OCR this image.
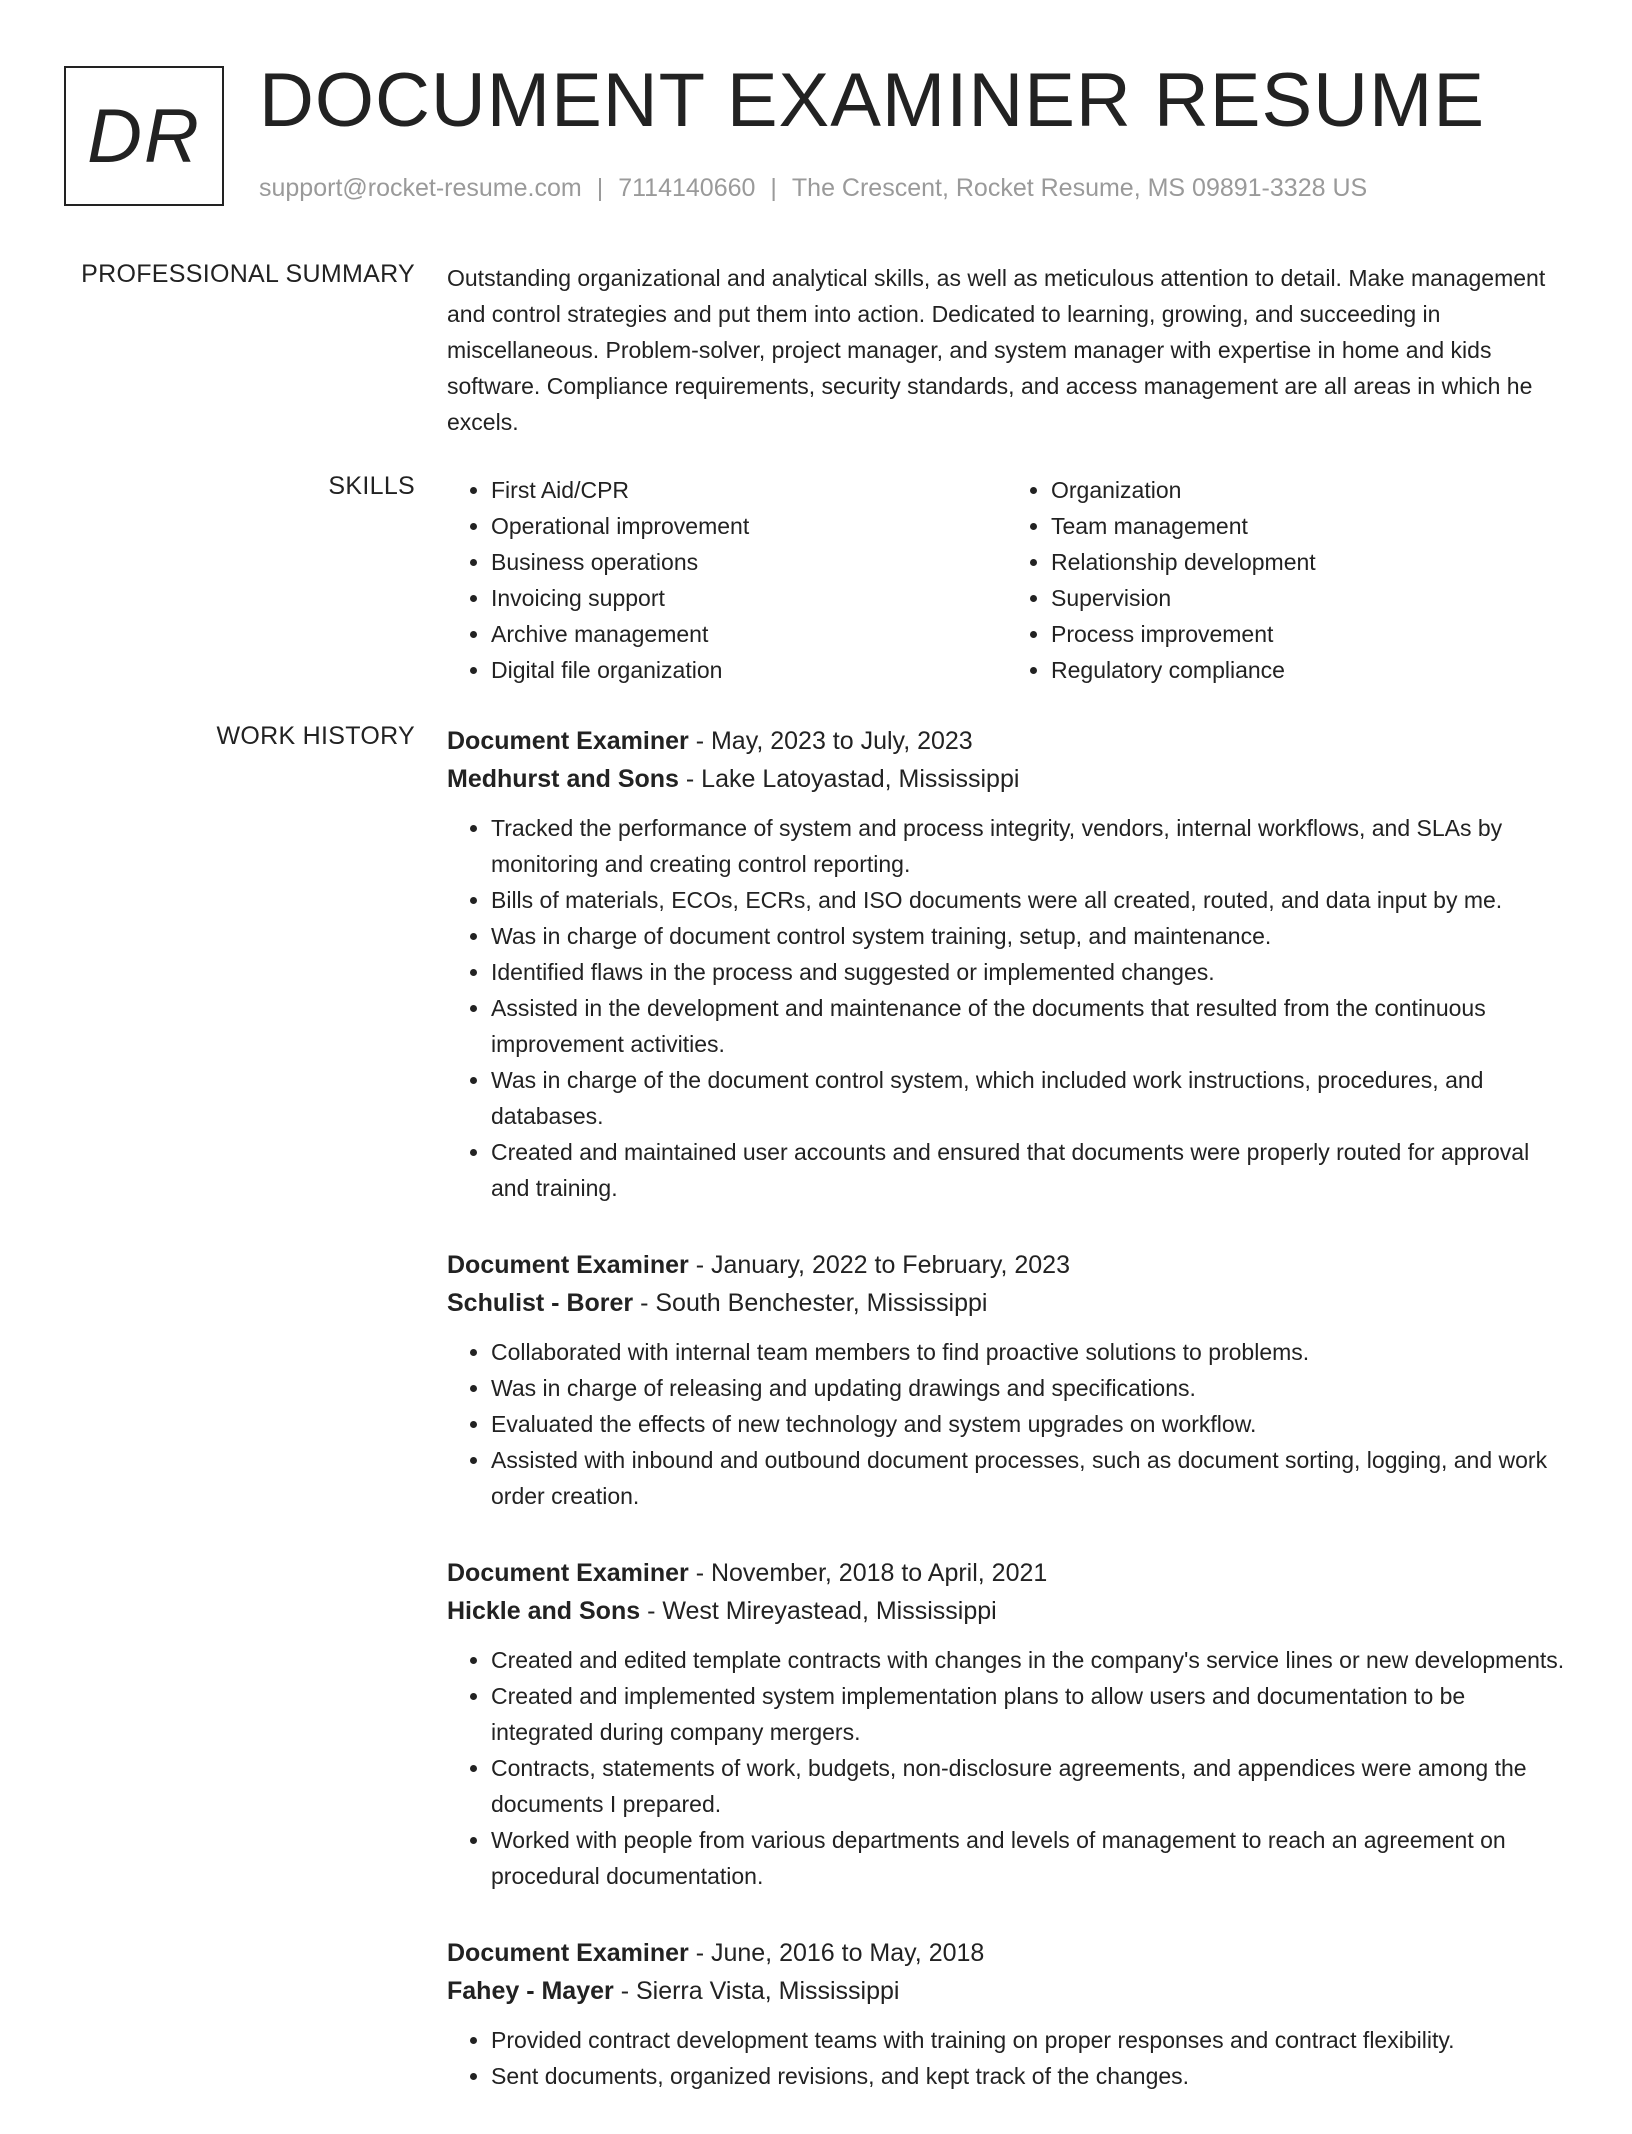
DR DOCUMENT EXAMINER RESUME
support@rocket-resume.com | 7114140660 | The Crescent, Rocket Resume, MS 09891-3328 US
PROFESSIONAL SUMMARY Outstanding organizational and analytical skills, as well as meticulous attention to detail. Make management and control strategies and put them into action. Dedicated to learning, growing, and succeeding in miscellaneous. Problem-solver, project manager, and system manager with expertise in home and kids software. Compliance requirements, security standards, and access management are all areas in which he excels.

SKILLS
•	First Aid/CPR
• Operational improvement
• Business operations
• Invoicing support
• Archive management
• Digital file organization
• Organization
• Team management
• Relationship development
• Supervision
• Process improvement
• Regulatory compliance
WORK HISTORY Document Examiner - May, 2023 to July, 2023
Medhurst and Sons - Lake Latoyastad, Mississippi
• Tracked the performance of system and process integrity, vendors, internal workflows, and SLAs by monitoring and creating control reporting.
• Bills of materials, ECOs, ECRs, and ISO documents were all created, routed, and data input by me.
• Was in charge of document control system training, setup, and maintenance.
• Identified flaws in the process and suggested or implemented changes.
• Assisted in the development and maintenance of the documents that resulted from the continuous improvement activities.
• Was in charge of the document control system, which included work instructions, procedures, and databases.
• Created and maintained user accounts and ensured that documents were properly routed for approval and training.
Document Examiner - January, 2022 to February, 2023
Schulist - Borer - South Benchester, Mississippi
• Collaborated with internal team members to find proactive solutions to problems.
• Was in charge of releasing and updating drawings and specifications.
• Evaluated the effects of new technology and system upgrades on workflow.
• Assisted with inbound and outbound document processes, such as document sorting, logging, and work order creation.
Document Examiner - November, 2018 to April, 2021
Hickle and Sons - West Mireyastead, Mississippi
• Created and edited template contracts with changes in the company's service lines or new developments.
• Created and implemented system implementation plans to allow users and documentation to be integrated during company mergers.
• Contracts, statements of work, budgets, non-disclosure agreements, and appendices were among the documents I prepared.
• Worked with people from various departments and levels of management to reach an agreement on procedural documentation.
Document Examiner - June, 2016 to May, 2018
Fahey - Mayer - Sierra Vista, Mississippi
• Provided contract development teams with training on proper responses and contract flexibility.
• Sent documents, organized revisions, and kept track of the changes.
